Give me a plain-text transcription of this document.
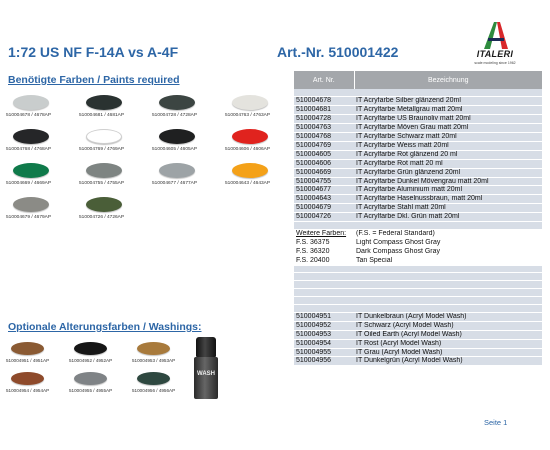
1:72 US NF F-14A vs A-4F	Art.-Nr. 510001422	ITALERI
scale modeling since 1962
Benötigte Farben / Paints required
510004678 / 4678AP	510004681 / 4681AP	510004728 / 4728AP	510004763 / 4763AP
510004768 / 4768AP	510004769 / 4769AP	510004605 / 4605AP	510004606 / 4606AP
510004669 / 4669AP	510004755 / 4755AP	510004677 / 4677AP	510004643 / 4643AP
510004679 / 4679AP	510004726 / 4726AP
Optionale Alterungsfarben / Washings:
510004951 / 4951AP	510004952 / 4952AP	510004953 / 4953AP
510004954 / 4954AP	510004955 / 4955AP	510004956 / 4956AP
WASH
Art. Nr.	Bezeichnung

510004678	IT Acryfarbe Silber glänzend 20ml
510004681	IT Acrylfarbe Metallgrau matt 20ml
510004728	IT Acrylfarbe US Braunoliv matt 20ml
510004763	IT Acrylfarbe Möven Grau matt 20ml
510004768	IT Acrylfarbe Schwarz matt 20ml
510004769	IT Acrylfarbe Weiss matt 20ml
510004605	IT Acrylfarbe Rot glänzend 20 ml
510004606	IT Acrylfarbe Rot matt 20 ml
510004669	IT Acrylfarbe Grün glänzend 20ml
510004755	IT Acrylfarbe Dunkel Mövengrau matt 20ml
510004677	IT Acrylfarbe Aluminium matt 20ml
510004643	IT Acrylfarbe Haselnussbraun, matt 20ml
510004679	IT Acrylfarbe Stahl matt 20ml
510004726	IT Acrylfarbe Dkl. Grün matt 20ml

Weitere Farben:	(F.S. = Federal Standard)
F.S. 36375	Light Compass Ghost Gray
F.S. 36320	Dark Compass Ghost Gray
F.S. 20400	Tan Special

510004951	IT Dunkelbraun (Acryl Model Wash)
510004952	IT Schwarz (Acryl Model Wash)
510004953	IT Oiled Earth (Acryl Model Wash)
510004954	IT Rost (Acryl Model Wash)
510004955	IT Grau (Acryl Model Wash)
510004956	IT Dunkelgrün (Acryl Model Wash)
Seite 1
